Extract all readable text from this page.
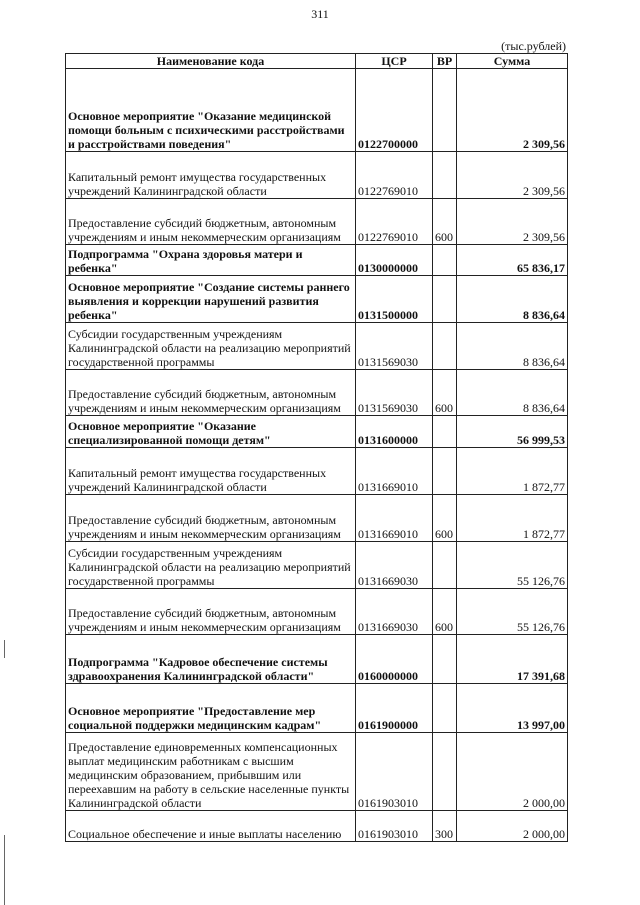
311
(тыс.рублей)
Наименование кода	ЦСР	ВР	Сумма
Основное мероприятие "Оказание медицинской помощи больным с психическими расстройствами и расстройствами поведения"	0122700000		2 309,56
Капитальный ремонт имущества государственных учреждений Калининградской области	0122769010		2 309,56
Предоставление субсидий бюджетным, автономным учреждениям и иным некоммерческим организациям	0122769010	600	2 309,56
Подпрограмма "Охрана здоровья матери и ребенка"	0130000000		65 836,17
Основное мероприятие "Создание системы раннего выявления и коррекции нарушений развития ребенка"	0131500000		8 836,64
Субсидии государственным учреждениям Калининградской области на реализацию мероприятий государственной программы	0131569030		8 836,64
Предоставление субсидий бюджетным, автономным учреждениям и иным некоммерческим организациям	0131569030	600	8 836,64
Основное мероприятие "Оказание специализированной помощи детям"	0131600000		56 999,53
Капитальный ремонт имущества государственных учреждений Калининградской области	0131669010		1 872,77
Предоставление субсидий бюджетным, автономным учреждениям и иным некоммерческим организациям	0131669010	600	1 872,77
Субсидии государственным учреждениям Калининградской области на реализацию мероприятий государственной программы	0131669030		55 126,76
Предоставление субсидий бюджетным, автономным учреждениям и иным некоммерческим организациям	0131669030	600	55 126,76
Подпрограмма "Кадровое обеспечение системы здравоохранения Калининградской области"	0160000000		17 391,68
Основное мероприятие "Предоставление мер социальной поддержки медицинским кадрам"	0161900000		13 997,00
Предоставление единовременных компенсационных выплат медицинским работникам с высшим медицинским образованием, прибывшим или переехавшим на работу в сельские населенные пункты Калининградской области	0161903010		2 000,00
Социальное обеспечение и иные выплаты населению	0161903010	300	2 000,00
